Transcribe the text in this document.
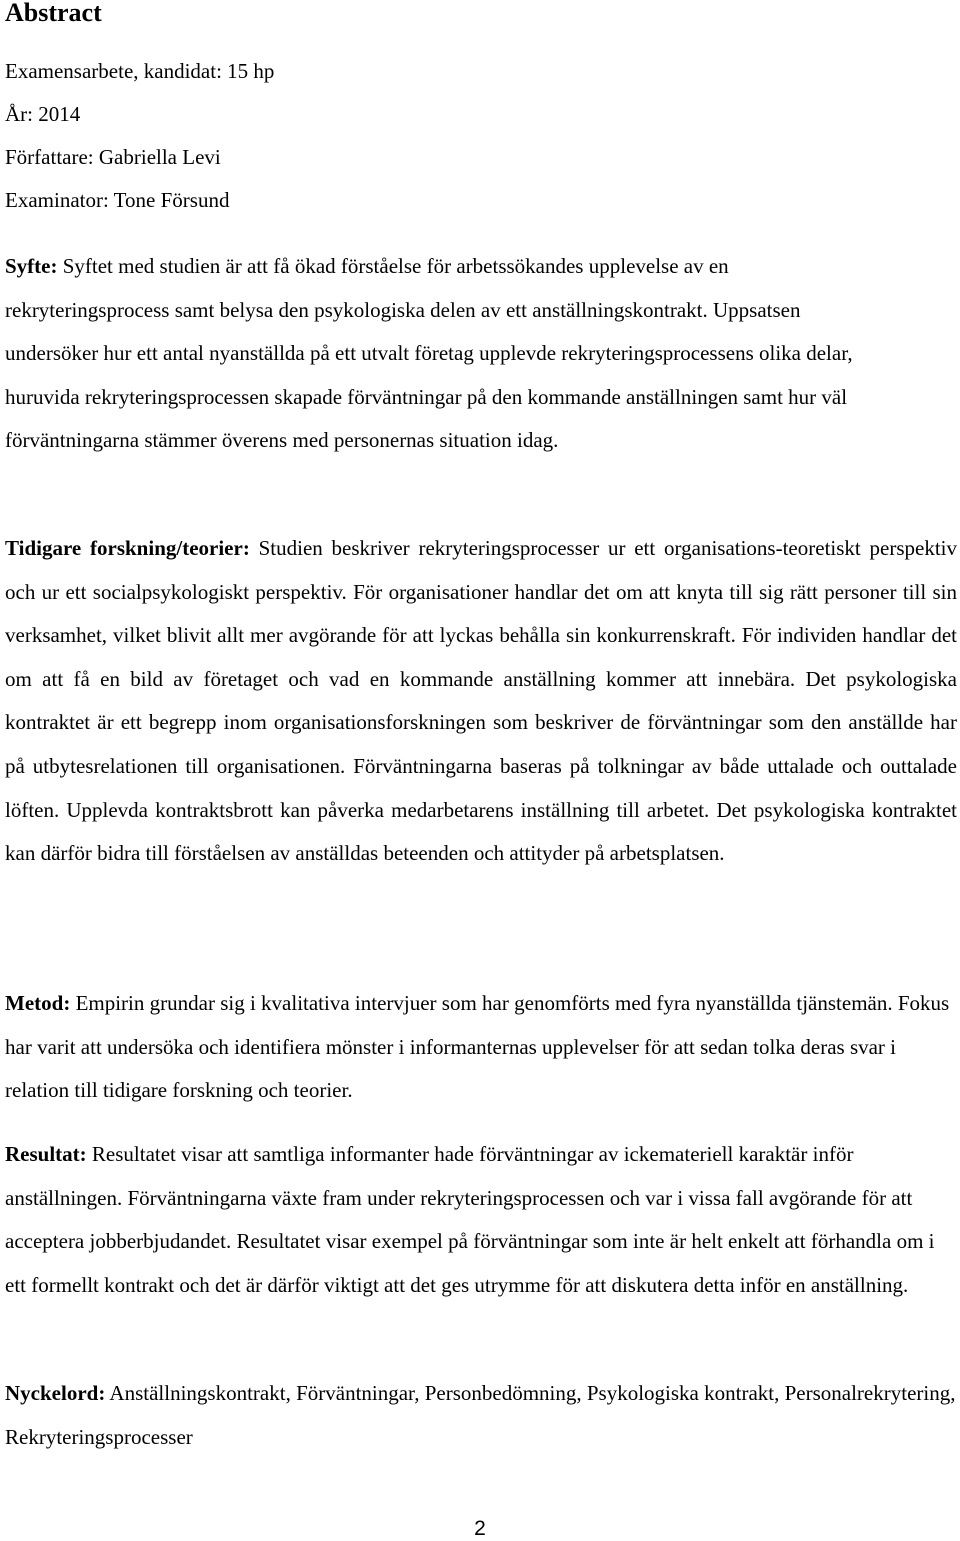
Abstract

Examensarbete, kandidat: 15 hp

År: 2014

Författare: Gabriella Levi

Examinator: Tone Försund

Syfte: Syftet med studien är att få ökad förståelse för arbetssökandes upplevelse av en rekryteringsprocess samt belysa den psykologiska delen av ett anställningskontrakt. Uppsatsen undersöker hur ett antal nyanställda på ett utvalt företag upplevde rekryteringsprocessens olika delar, huruvida rekryteringsprocessen skapade förväntningar på den kommande anställningen samt hur väl förväntningarna stämmer överens med personernas situation idag.

Tidigare forskning/teorier: Studien beskriver rekryteringsprocesser ur ett organisations-teoretiskt perspektiv och ur ett socialpsykologiskt perspektiv. För organisationer handlar det om att knyta till sig rätt personer till sin verksamhet, vilket blivit allt mer avgörande för att lyckas behålla sin konkurrenskraft. För individen handlar det om att få en bild av företaget och vad en kommande anställning kommer att innebära. Det psykologiska kontraktet är ett begrepp inom organisationsforskningen som beskriver de förväntningar som den anställde har på utbytesrelationen till organisationen. Förväntningarna baseras på tolkningar av både uttalade och outtalade löften. Upplevda kontraktsbrott kan påverka medarbetarens inställning till arbetet. Det psykologiska kontraktet kan därför bidra till förståelsen av anställdas beteenden och attityder på arbetsplatsen.

Metod: Empirin grundar sig i kvalitativa intervjuer som har genomförts med fyra nyanställda tjänstemän. Fokus har varit att undersöka och identifiera mönster i informanternas upplevelser för att sedan tolka deras svar i relation till tidigare forskning och teorier.

Resultat: Resultatet visar att samtliga informanter hade förväntningar av ickemateriell karaktär inför anställningen. Förväntningarna växte fram under rekryteringsprocessen och var i vissa fall avgörande för att acceptera jobberbjudandet. Resultatet visar exempel på förväntningar som inte är helt enkelt att förhandla om i ett formellt kontrakt och det är därför viktigt att det ges utrymme för att diskutera detta inför en anställning.

Nyckelord: Anställningskontrakt, Förväntningar, Personbedömning, Psykologiska kontrakt, Personalrekrytering, Rekryteringsprocesser

2
